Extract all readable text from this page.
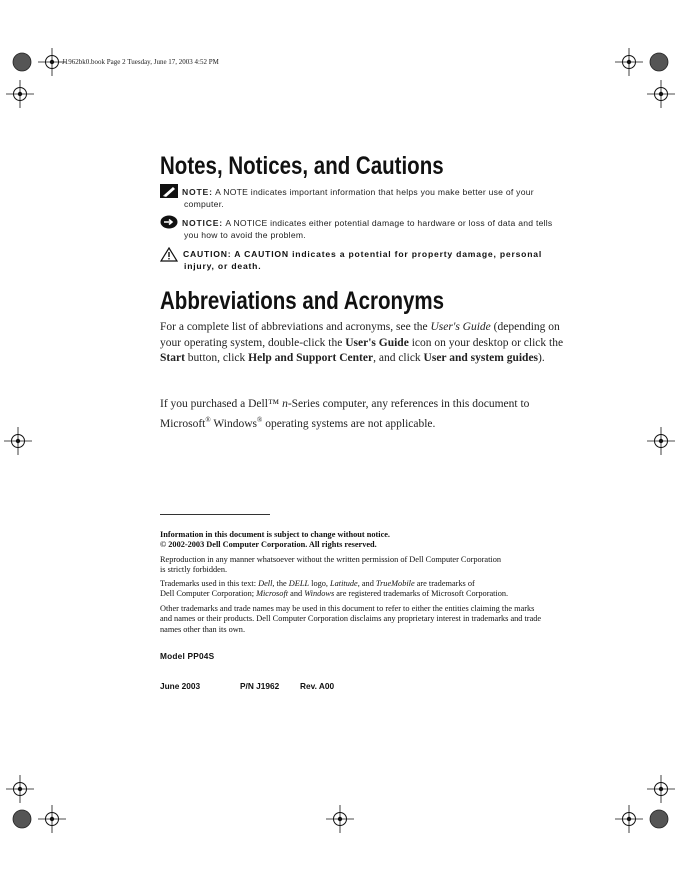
J1962bk0.book Page 2 Tuesday, June 17, 2003 4:52 PM
Notes, Notices, and Cautions
NOTE: A NOTE indicates important information that helps you make better use of your
computer.
NOTICE: A NOTICE indicates either potential damage to hardware or loss of data and tells
you how to avoid the problem.
CAUTION: A CAUTION indicates a potential for property damage, personal
injury, or death.
Abbreviations and Acronyms
For a complete list of abbreviations and acronyms, see the User's Guide (depending on your operating system, double-click the User's Guide icon on your desktop or click the Start button, click Help and Support Center, and click User and system guides).
If you purchased a Dell™ n-Series computer, any references in this document to Microsoft® Windows® operating systems are not applicable.
Information in this document is subject to change without notice.
© 2002-2003 Dell Computer Corporation. All rights reserved.
Reproduction in any manner whatsoever without the written permission of Dell Computer Corporation
is strictly forbidden.
Trademarks used in this text: Dell, the DELL logo, Latitude, and TrueMobile are trademarks of
Dell Computer Corporation; Microsoft and Windows are registered trademarks of Microsoft Corporation.
Other trademarks and trade names may be used in this document to refer to either the entities claiming the marks
and names or their products. Dell Computer Corporation disclaims any proprietary interest in trademarks and trade
names other than its own.
Model PP04S
June 2003	P/N J1962	Rev. A00
